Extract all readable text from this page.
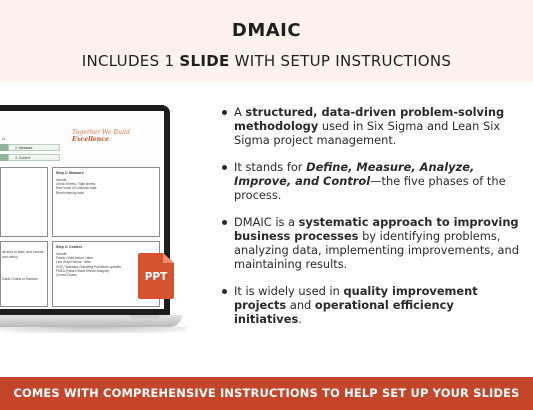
DMAIC
INCLUDES 1 SLIDE WITH SETUP INSTRUCTIONS
Together We Build Excellence
ct
2. Measure
4. Control
Step 2: Measure
Include:
Check Sheets / Tally sheets
Raw Voice of Customer data
Benchmarking data
all area to start, and include
and cabin)
Gantt Charts or Kanban
Step 3: Control
Include:
Pareto Chart before / after
Line Graph before / after
SOP / Standard Operating Procedure updates
FMEA (Failure Mode Effects Analysis)
Control Charts	PPT
A structured, data-driven problem-solving methodology used in Six Sigma and Lean Six Sigma project management.
It stands for Define, Measure, Analyze, Improve, and Control—the five phases of the process.
DMAIC is a systematic approach to improving business processes by identifying problems, analyzing data, implementing improvements, and maintaining results.
It is widely used in quality improvement projects and operational efficiency initiatives.
COMES WITH COMPREHENSIVE INSTRUCTIONS TO HELP SET UP YOUR SLIDES
